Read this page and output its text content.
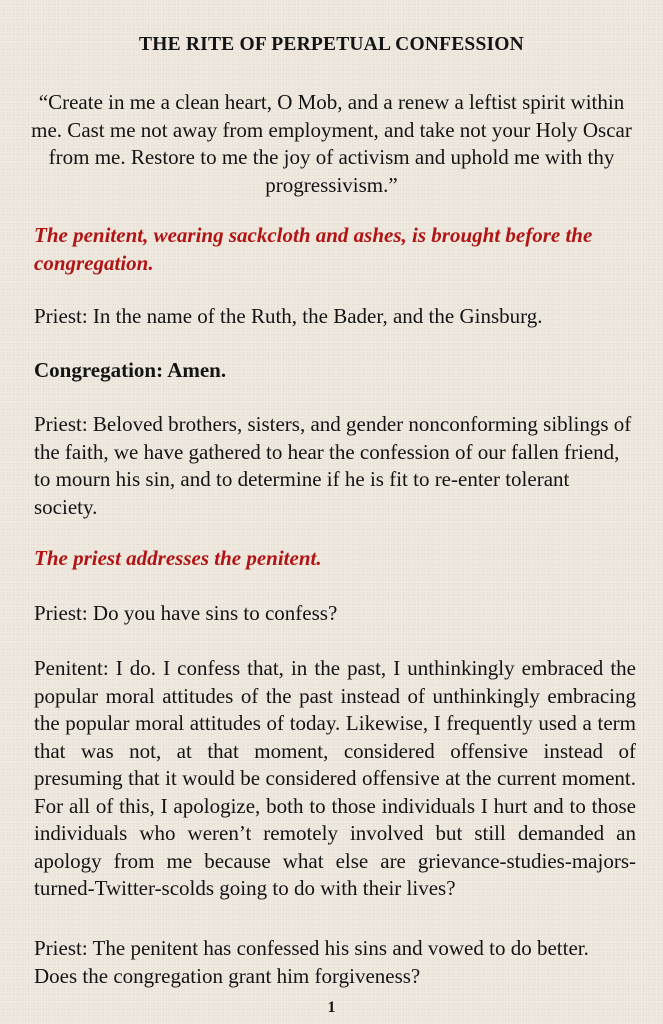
THE RITE OF PERPETUAL CONFESSION
“Create in me a clean heart, O Mob, and a renew a leftist spirit within me. Cast me not away from employment, and take not your Holy Oscar from me. Restore to me the joy of activism and uphold me with thy progressivism.”

The penitent, wearing sackcloth and ashes, is brought before the congregation.

Priest: In the name of the Ruth, the Bader, and the Ginsburg.

Congregation: Amen.

Priest: Beloved brothers, sisters, and gender nonconforming siblings of the faith, we have gathered to hear the confession of our fallen friend, to mourn his sin, and to determine if he is fit to re-enter tolerant society.

The priest addresses the penitent.

Priest: Do you have sins to confess?

Penitent: I do. I confess that, in the past, I unthinkingly embraced the popular moral attitudes of the past instead of unthinkingly embracing the popular moral attitudes of today. Likewise, I frequently used a term that was not, at that moment, considered offensive instead of presuming that it would be considered offensive at the current moment. For all of this, I apologize, both to those individuals I hurt and to those individuals who weren’t remotely involved but still demanded an apology from me because what else are grievance-studies-majors-turned-Twitter-scolds going to do with their lives?

Priest: The penitent has confessed his sins and vowed to do better. Does the congregation grant him forgiveness?

1
